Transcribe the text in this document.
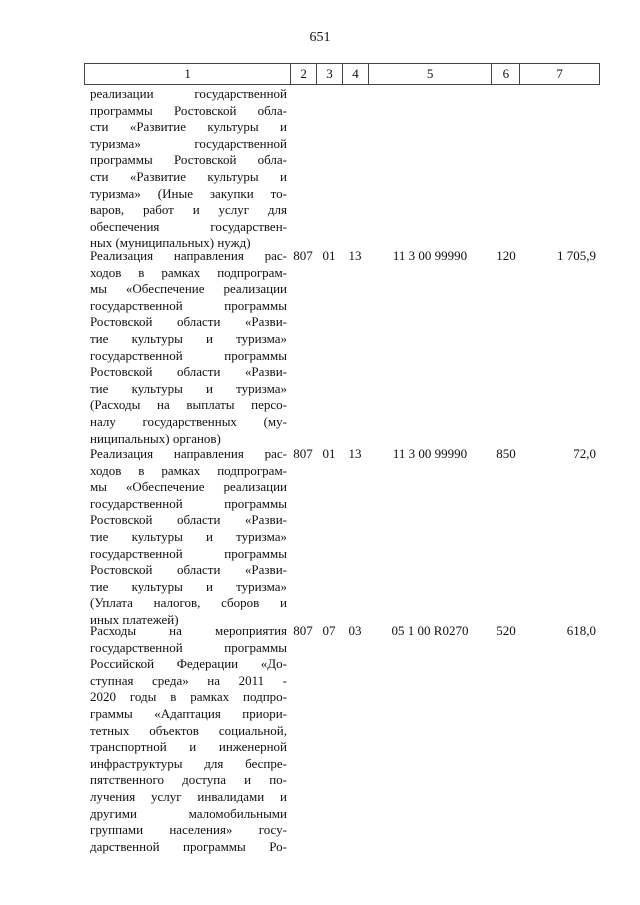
651
1	2	3	4	5	6	7
реализации государственной
программы Ростовской обла-
сти «Развитие культуры и
туризма» государственной
программы Ростовской обла-
сти «Развитие культуры и
туризма» (Иные закупки то-
варов, работ и услуг для
обеспечения государствен-
ных (муниципальных) нужд)
Реализация направления рас-
ходов в рамках подпрограм-
мы «Обеспечение реализации
государственной программы
Ростовской области «Разви-
тие культуры и туризма»
государственной программы
Ростовской области «Разви-
тие культуры и туризма»
(Расходы на выплаты персо-
налу государственных (му-
ниципальных) органов)
807 01	13	11 3 00 99990	120	1 705,9
Реализация направления рас-
ходов в рамках подпрограм-
мы «Обеспечение реализации
государственной программы
Ростовской области «Разви-
тие культуры и туризма»
государственной программы
Ростовской области «Разви-
тие культуры и туризма»
(Уплата налогов, сборов и
иных платежей)
807 01	13	11 3 00 99990	850	72,0
Расходы на мероприятия
государственной программы
Российской Федерации «До-
ступная среда» на 2011 -
2020 годы в рамках подпро-
граммы «Адаптация приори-
тетных объектов социальной,
транспортной и инженерной
инфраструктуры для беспре-
пятственного доступа и по-
лучения услуг инвалидами и
другими маломобильными
группами населения» госу-
дарственной программы Ро-
807 07	03	05 1 00 R0270	520	618,0
